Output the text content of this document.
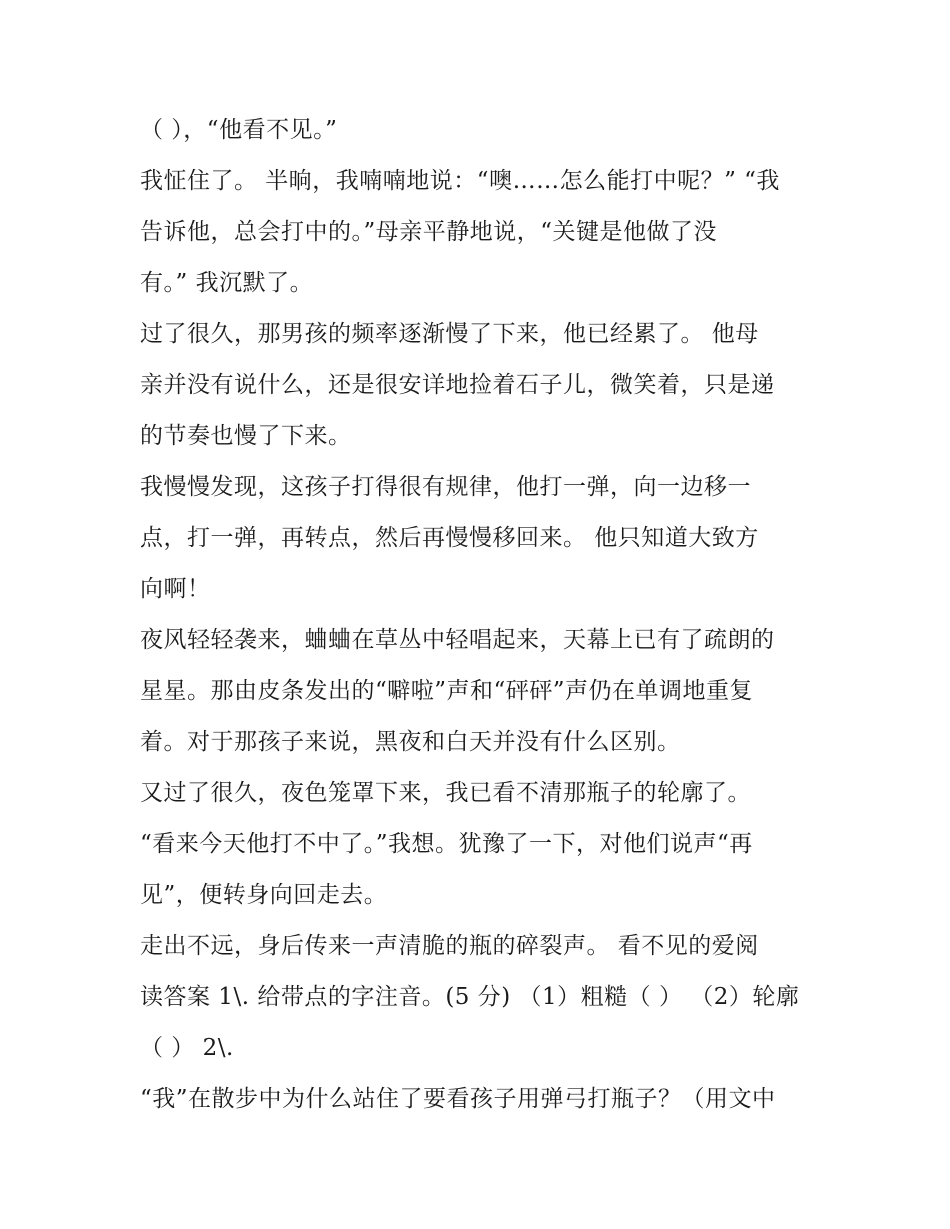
（ ），“他看不见。”
我怔住了。 半晌，我喃喃地说：“噢……怎么能打中呢？” “我
告诉他，总会打中的。”母亲平静地说，“关键是他做了没
有。” 我沉默了。
过了很久，那男孩的频率逐渐慢了下来，他已经累了。 他母
亲并没有说什么，还是很安详地捡着石子儿，微笑着，只是递
的节奏也慢了下来。
我慢慢发现，这孩子打得很有规律，他打一弹，向一边移一
点，打一弹，再转点，然后再慢慢移回来。 他只知道大致方
向啊！
夜风轻轻袭来，蛐蛐在草丛中轻唱起来，天幕上已有了疏朗的
星星。那由皮条发出的“噼啦”声和“砰砰”声仍在单调地重复
着。对于那孩子来说，黑夜和白天并没有什么区别。
又过了很久，夜色笼罩下来，我已看不清那瓶子的轮廓了。
“看来今天他打不中了。”我想。犹豫了一下，对他们说声“再
见”，便转身向回走去。
走出不远，身后传来一声清脆的瓶的碎裂声。 看不见的爱阅
读答案 1\. 给带点的字注音。(5 分) （1）粗糙（ ） （2）轮廓
（ ） 2\.
“我”在散步中为什么站住了要看孩子用弹弓打瓶子？（用文中
